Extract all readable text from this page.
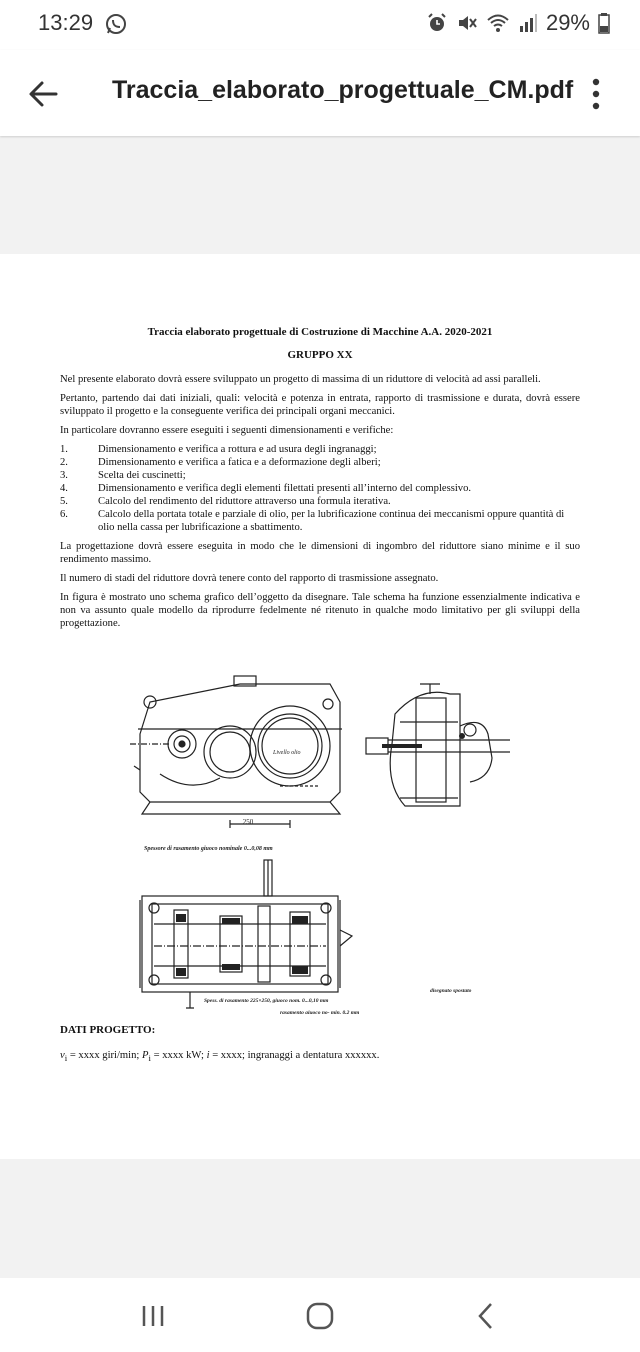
13:29	29%
Traccia_elaborato_progettuale_CM.pdf
Traccia elaborato progettuale di Costruzione di Macchine A.A. 2020-2021
GRUPPO XX

Nel presente elaborato dovrà essere sviluppato un progetto di massima di un riduttore di velocità ad assi paralleli.

Pertanto, partendo dai dati iniziali, quali: velocità e potenza in entrata, rapporto di trasmissione e durata, dovrà essere sviluppato il progetto e la conseguente verifica dei principali organi meccanici.

In particolare dovranno essere eseguiti i seguenti dimensionamenti e verifiche:

1.	Dimensionamento e verifica a rottura e ad usura degli ingranaggi;
2.	Dimensionamento e verifica a fatica e a deformazione degli alberi;
3.	Scelta dei cuscinetti;
4.	Dimensionamento e verifica degli elementi filettati presenti all’interno del complessivo.
5.	Calcolo del rendimento del riduttore attraverso una formula iterativa.
6.	Calcolo della portata totale e parziale di olio, per la lubrificazione continua dei meccanismi oppure quantità di olio nella cassa per lubrificazione a sbattimento.

La progettazione dovrà essere eseguita in modo che le dimensioni di ingombro del riduttore siano minime e il suo rendimento massimo.

Il numero di stadi del riduttore dovrà tenere conto del rapporto di trasmissione assegnato.

In figura è mostrato uno schema grafico dell’oggetto da disegnare. Tale schema ha funzione essenzialmente indicativa e non va assunto quale modello da riprodurre fedelmente né ritenuto in qualche modo limitativo per gli sviluppi della progettazione.

250
Livello olio
Spessore di rasamento giuoco nominale 0...0,08 mm
Spess. di rasamento 225×250, giuoco nom. 0...0,10 mm
rasamento giuoco no- min. 0,2 mm
disegnato spostato
DATI PROGETTO:
$v_i$ = xxxx giri/min; $P_i$ = xxxx kW; i = xxxx; ingranaggi a dentatura xxxxxx.
